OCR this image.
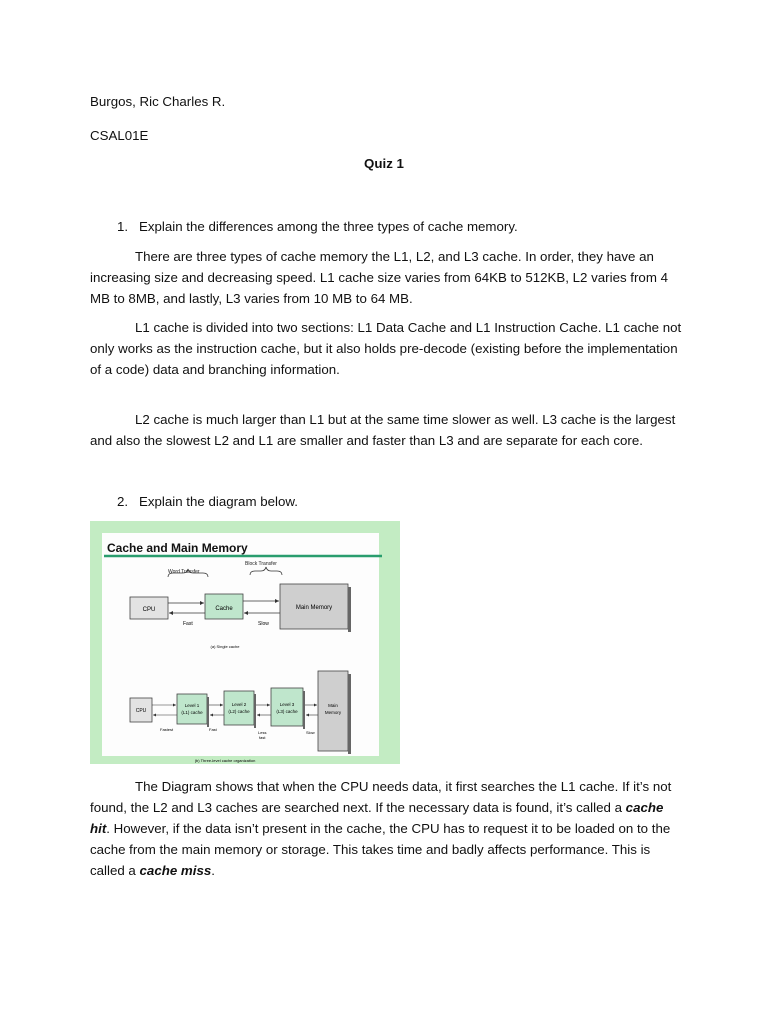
Burgos, Ric Charles R.
CSAL01E
Quiz 1
1. Explain the differences among the three types of cache memory.
There are three types of cache memory the L1, L2, and L3 cache. In order, they have an increasing size and decreasing speed. L1 cache size varies from 64KB to 512KB, L2 varies from 4 MB to 8MB, and lastly, L3 varies from 10 MB to 64 MB.
L1 cache is divided into two sections: L1 Data Cache and L1 Instruction Cache. L1 cache not only works as the instruction cache, but it also holds pre-decode (existing before the implementation of a code) data and branching information.
L2 cache is much larger than L1 but at the same time slower as well. L3 cache is the largest and also the slowest L2 and L1 are smaller and faster than L3 and are separate for each core.
2. Explain the diagram below.
Word Transfer
Block Transfer
CPU	Cache	Main Memory
Fast	Slow
(a) Single cache
CPU
Level 1
(L1) cache
Level 2
(L2) cache
Level 3
(L3) cache
Main
Memory
Fastest	Fast
Less
fast
Slow
(b) Three-level cache organization
Cache and Main Memory
The Diagram shows that when the CPU needs data, it first searches the L1 cache. If it’s not found, the L2 and L3 caches are searched next. If the necessary data is found, it’s called a cache hit. However, if the data isn’t present in the cache, the CPU has to request it to be loaded on to the cache from the main memory or storage. This takes time and badly affects performance. This is called a cache miss.
